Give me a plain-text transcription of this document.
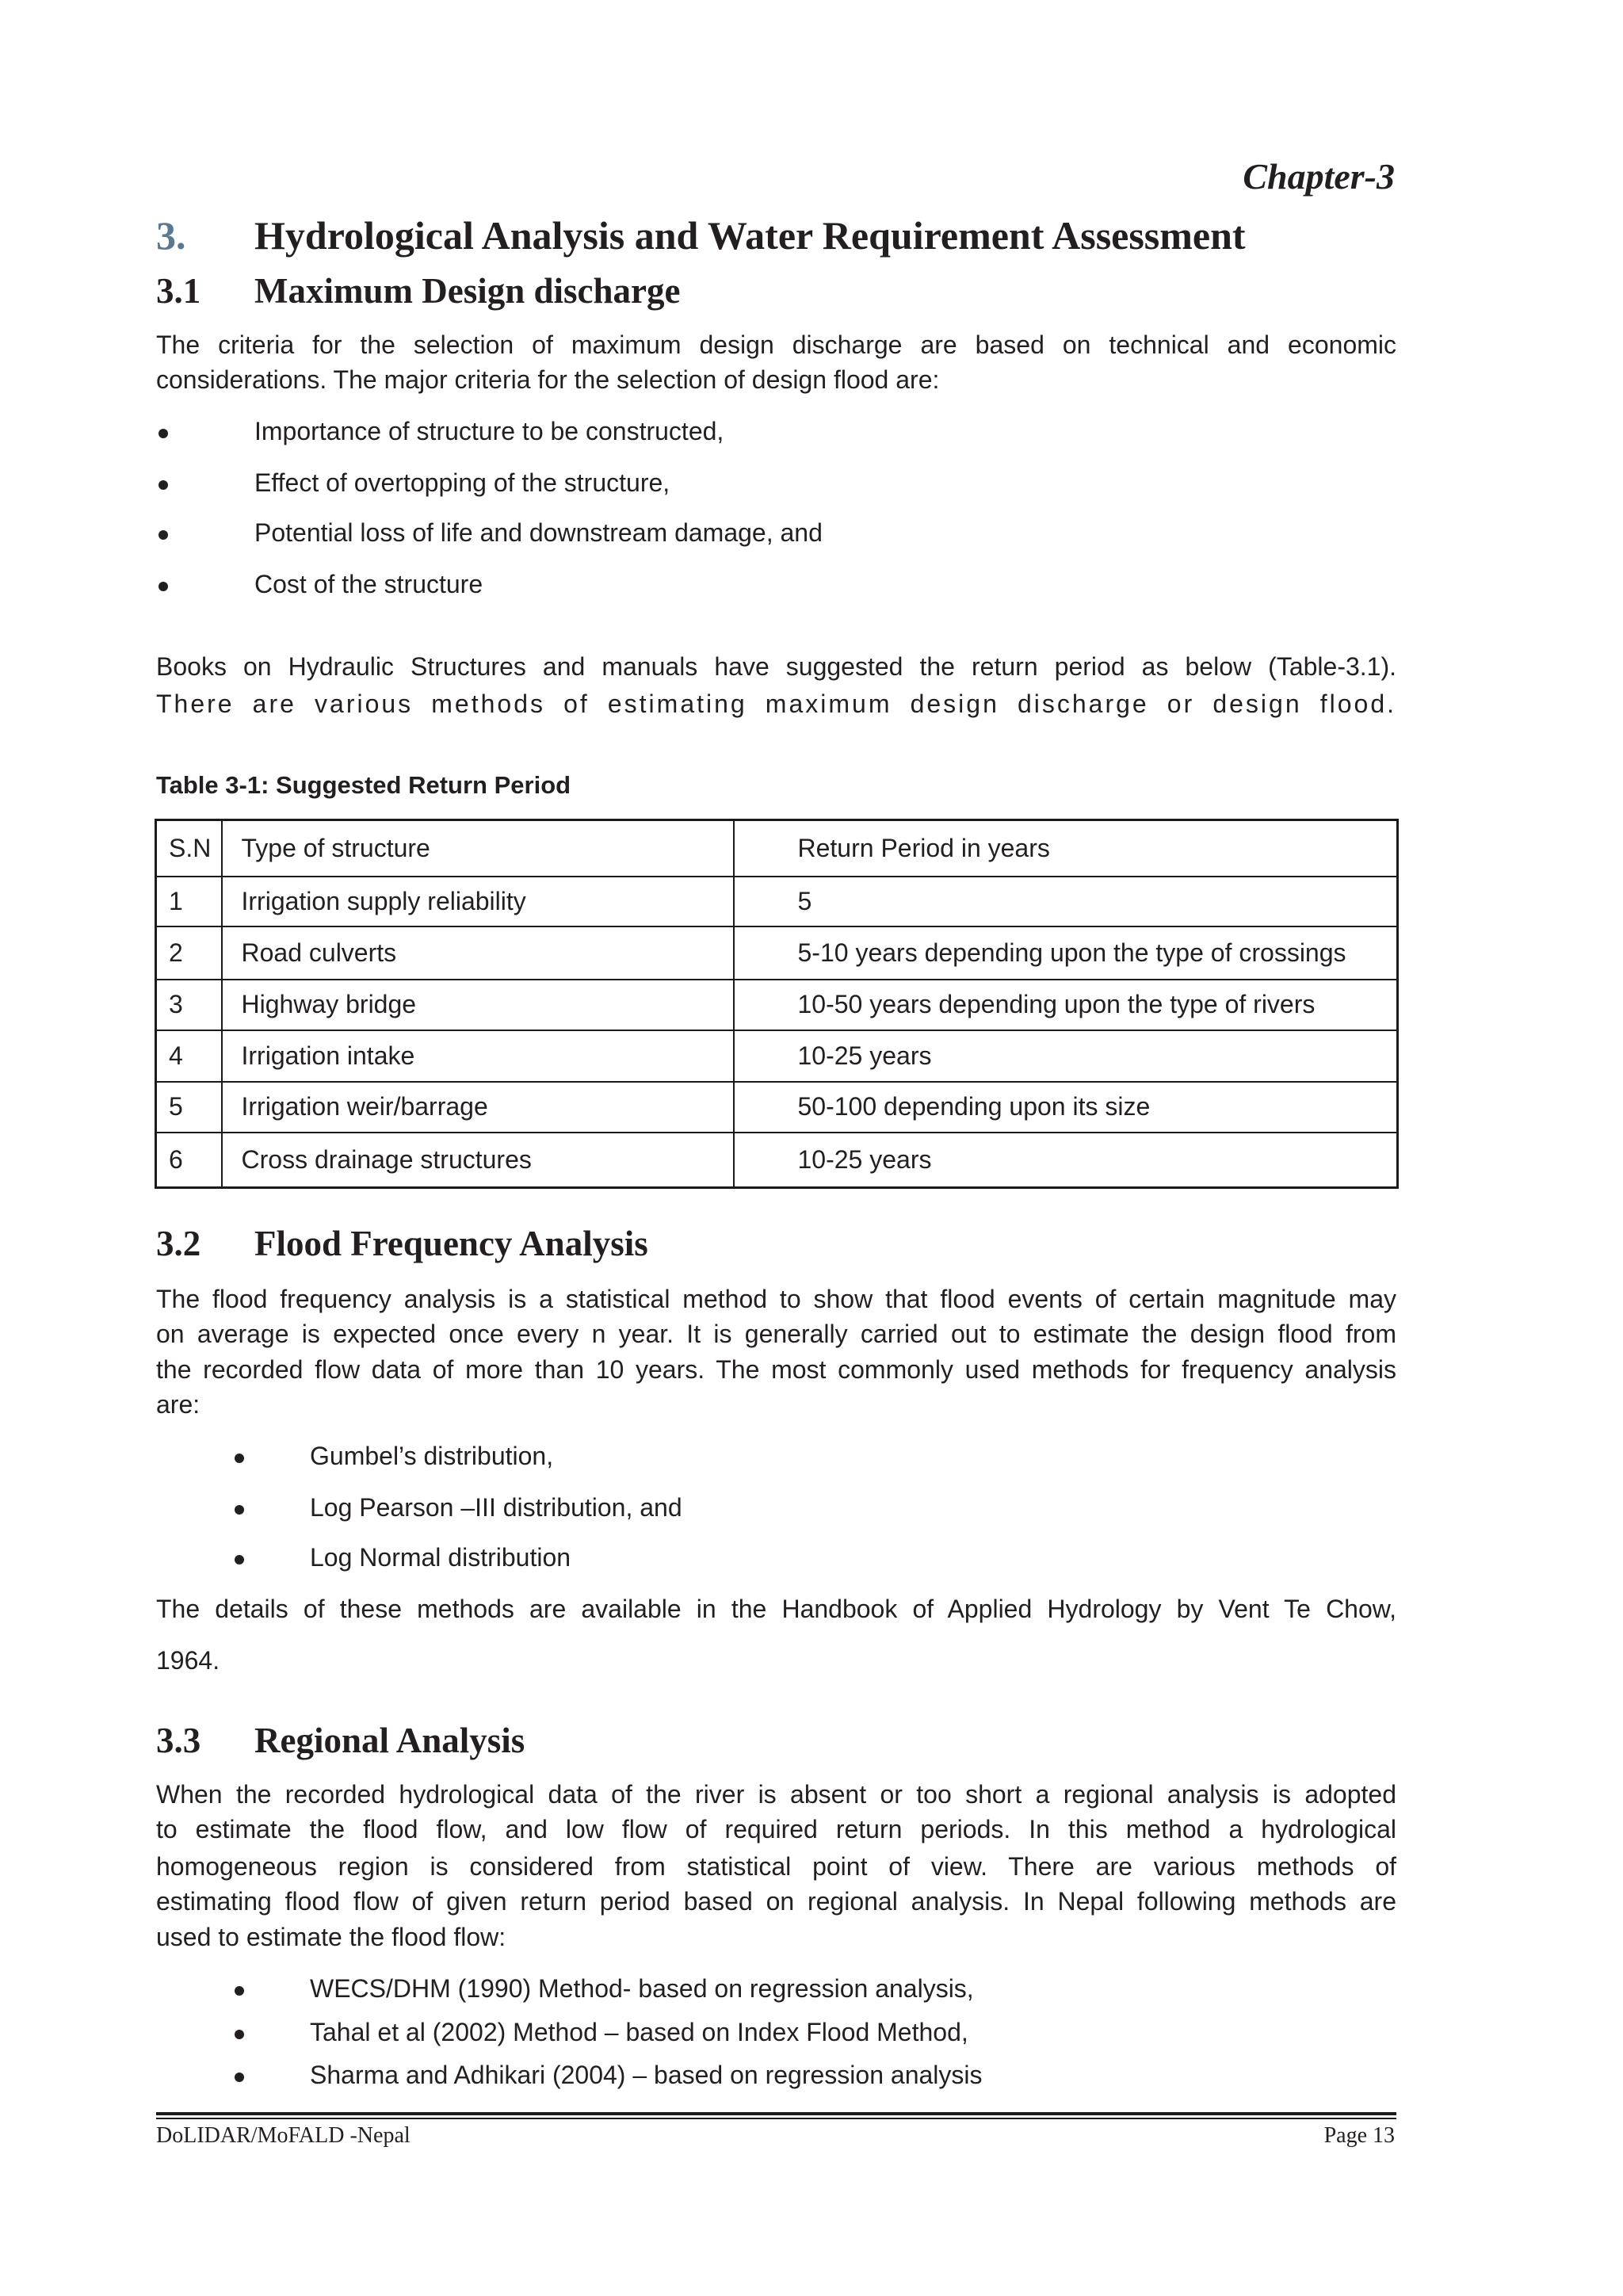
Chapter-3
3. Hydrological Analysis and Water Requirement Assessment
3.1 Maximum Design discharge
The criteria for the selection of maximum design discharge are based on technical and economic
considerations. The major criteria for the selection of design flood are:
Importance of structure to be constructed,
Effect of overtopping of the structure,
Potential loss of life and downstream damage, and
Cost of the structure
Books on Hydraulic Structures and manuals have suggested the return period as below (Table-3.1).
There are various methods of estimating maximum design discharge or design flood.
Table 3-1: Suggested Return Period
S.N	Type of structure	Return Period in years
1	Irrigation supply reliability	5
2	Road culverts	5-10 years depending upon the type of crossings
3	Highway bridge	10-50 years depending upon the type of rivers
4	Irrigation intake	10-25 years
5	Irrigation weir/barrage	50-100 depending upon its size
6	Cross drainage structures	10-25 years
3.2 Flood Frequency Analysis
The flood frequency analysis is a statistical method to show that flood events of certain magnitude may
on average is expected once every n year. It is generally carried out to estimate the design flood from
the recorded flow data of more than 10 years. The most commonly used methods for frequency analysis
are:
Gumbel’s distribution,
Log Pearson –III distribution, and
Log Normal distribution
The details of these methods are available in the Handbook of Applied Hydrology by Vent Te Chow,
1964.
3.3 Regional Analysis
When the recorded hydrological data of the river is absent or too short a regional analysis is adopted
to estimate the flood flow, and low flow of required return periods. In this method a hydrological
homogeneous region is considered from statistical point of view. There are various methods of
estimating flood flow of given return period based on regional analysis. In Nepal following methods are
used to estimate the flood flow:
WECS/DHM (1990) Method- based on regression analysis,
Tahal et al (2002) Method – based on Index Flood Method,
Sharma and Adhikari (2004) – based on regression analysis
DoLIDAR/MoFALD -Nepal	Page 13
